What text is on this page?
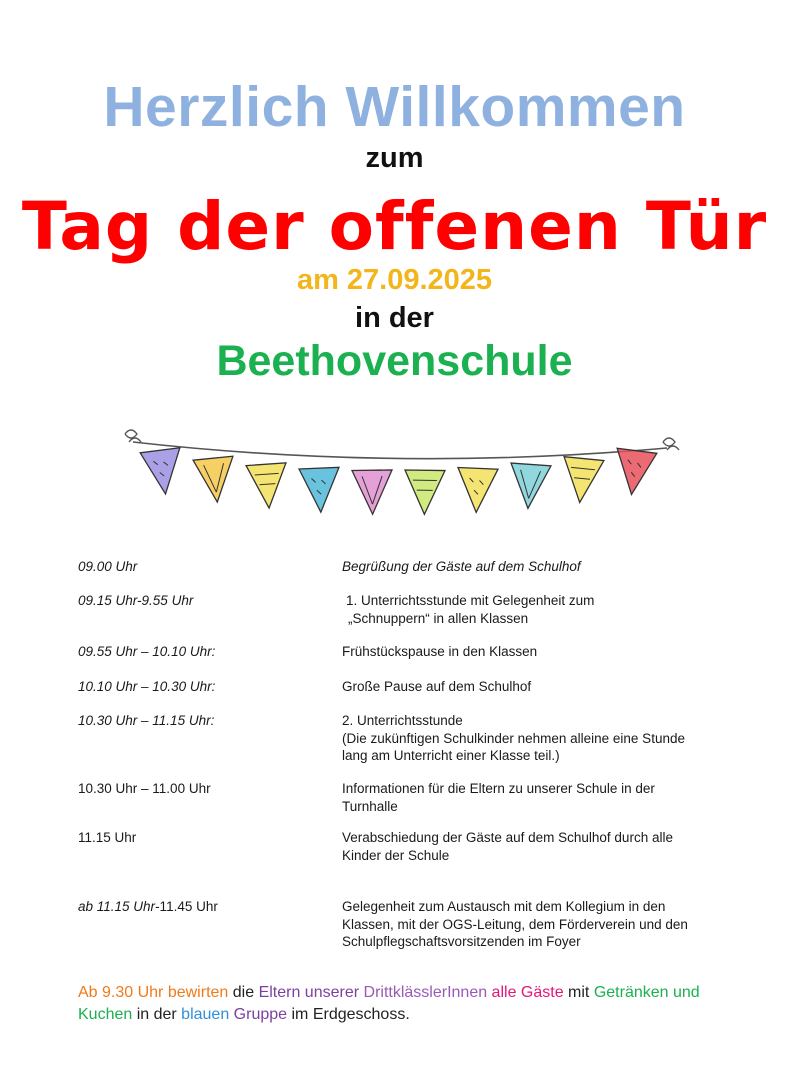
Herzlich Willkommen
zum
Tag der offenen Tür
am 27.09.2025
in der
Beethovenschule
09.00 Uhr	Begrüßung der Gäste auf dem Schulhof
09.15 Uhr-9.55 Uhr	1. Unterrichtsstunde mit Gelegenheit zum
„Schnuppern“ in allen Klassen
09.55 Uhr – 10.10 Uhr:	Frühstückspause in den Klassen
10.10 Uhr – 10.30 Uhr:	Große Pause auf dem Schulhof
10.30 Uhr – 11.15 Uhr:	2. Unterrichtsstunde
(Die zukünftigen Schulkinder nehmen alleine eine Stunde
lang am Unterricht einer Klasse teil.)
10.30 Uhr – 11.00 Uhr	Informationen für die Eltern zu unserer Schule in der
Turnhalle
11.15 Uhr	Verabschiedung der Gäste auf dem Schulhof durch alle
Kinder der Schule
ab 11.15 Uhr-11.45 Uhr	Gelegenheit zum Austausch mit dem Kollegium in den
Klassen, mit der OGS-Leitung, dem Förderverein und den
Schulpflegschaftsvorsitzenden im Foyer
Ab 9.30 Uhr bewirten die Eltern unserer DrittklässlerInnen alle Gäste mit Getränken und Kuchen in der blauen Gruppe im Erdgeschoss.
